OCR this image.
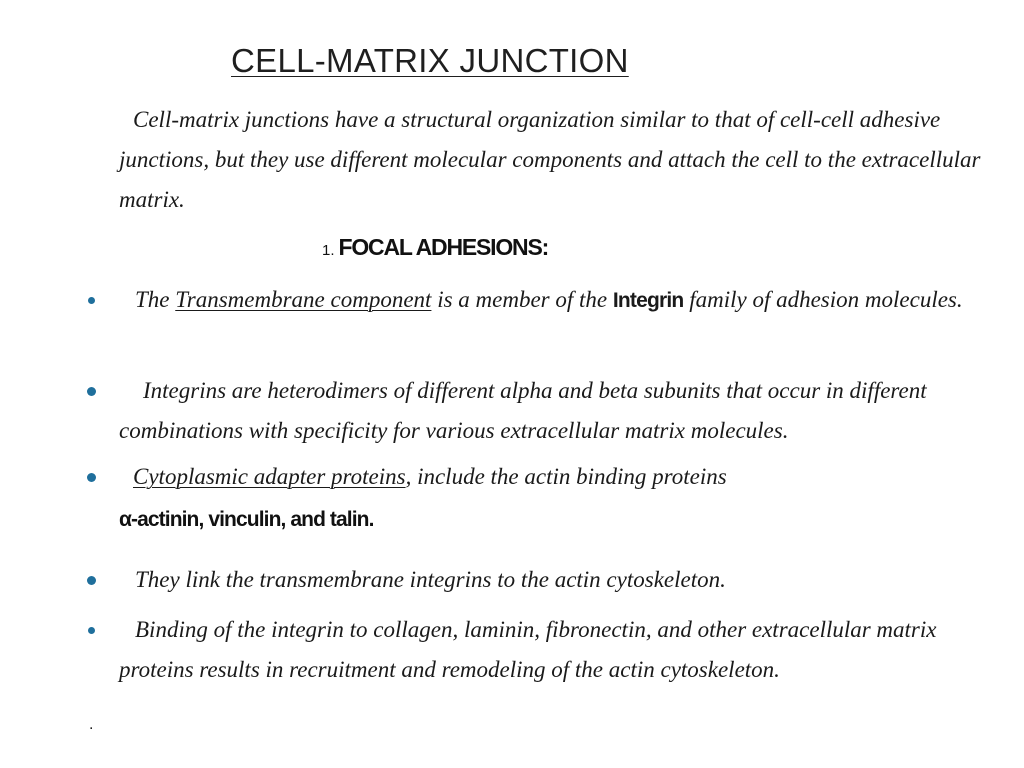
CELL-MATRIX JUNCTION
Cell-matrix junctions have a structural organization similar to that of cell-cell adhesive junctions, but they use different molecular components and attach the cell to the extracellular matrix.
1. FOCAL ADHESIONS:
The Transmembrane component is a member of the Integrin family of adhesion molecules.
Integrins are heterodimers of different alpha and beta subunits that occur in different combinations with specificity for various extracellular matrix molecules.
Cytoplasmic adapter proteins, include the actin binding proteins
α-actinin, vinculin, and talin.
They link the transmembrane integrins to the actin cytoskeleton.
Binding of the integrin to collagen, laminin, fibronectin, and other extracellular matrix proteins results in recruitment and remodeling of the actin cytoskeleton.
.
